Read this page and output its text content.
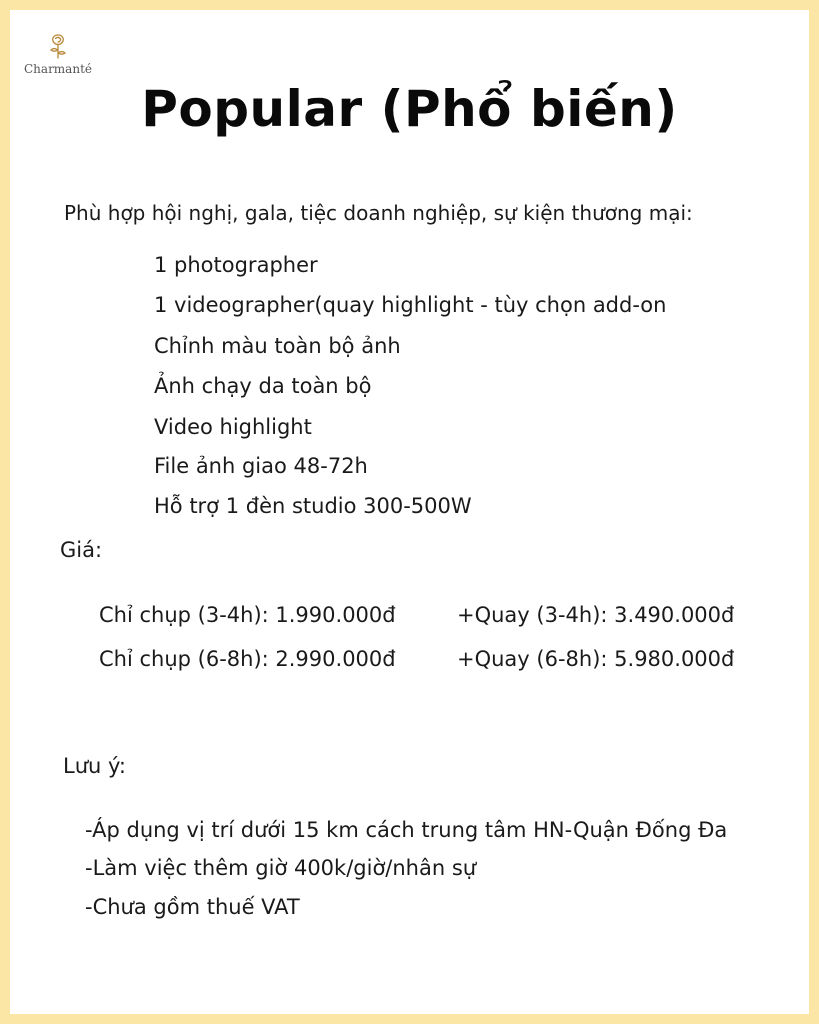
Charmanté
Popular (Phổ biến)
Phù hợp hội nghị, gala, tiệc doanh nghiệp, sự kiện thương mại:
1 photographer
1 videographer(quay highlight - tùy chọn add-on
Chỉnh màu toàn bộ ảnh
Ảnh chạy da toàn bộ
Video highlight
File ảnh giao 48-72h
Hỗ trợ 1 đèn studio 300-500W
Giá:
Chỉ chụp (3-4h): 1.990.000đ	+Quay (3-4h): 3.490.000đ
Chỉ chụp (6-8h): 2.990.000đ	+Quay (6-8h): 5.980.000đ
Lưu ý:
-Áp dụng vị trí dưới 15 km cách trung tâm HN-Quận Đống Đa
-Làm việc thêm giờ 400k/giờ/nhân sự
-Chưa gồm thuế VAT
